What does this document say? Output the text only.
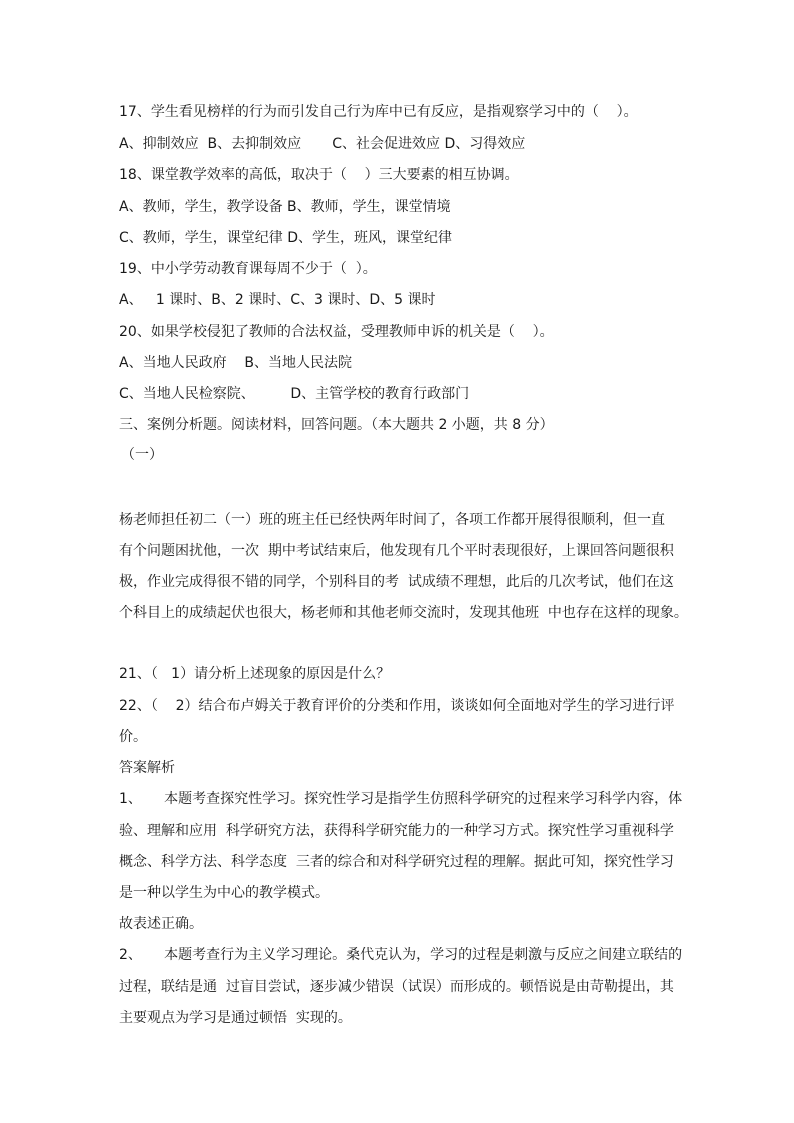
17、学生看见榜样的行为而引发自己行为库中已有反应，是指观察学习中的（    ）。
A、抑制效应  B、去抑制效应       C、社会促进效应 D、习得效应
18、课堂教学效率的高低，取决于（    ）三大要素的相互协调。
A、教师，学生，教学设备 B、教师，学生，课堂情境
C、教师，学生，课堂纪律 D、学生，班风，课堂纪律
19、中小学劳动教育课每周不少于（  ）。
A、   1 课时、B、2 课时、C、3 课时、D、5 课时
20、如果学校侵犯了教师的合法权益，受理教师申诉的机关是（    ）。
A、当地人民政府    B、当地人民法院
C、当地人民检察院、        D、主管学校的教育行政部门
三、案例分析题。阅读材料，回答问题。（本大题共 2 小题，共 8 分）
（一）
杨老师担任初二（一）班的班主任已经快两年时间了，各项工作都开展得很顺利，但一直
有个问题困扰他，一次  期中考试结束后，他发现有几个平时表现很好，上课回答问题很积
极，作业完成得很不错的同学，个别科目的考  试成绩不理想，此后的几次考试，他们在这
个科目上的成绩起伏也很大，杨老师和其他老师交流时，发现其他班  中也存在这样的现象。
21、（   1）请分析上述现象的原因是什么？
22、（    2）结合布卢姆关于教育评价的分类和作用，谈谈如何全面地对学生的学习进行评
价。
答案解析
1、     本题考查探究性学习。探究性学习是指学生仿照科学研究的过程来学习科学内容，体
验、理解和应用  科学研究方法，获得科学研究能力的一种学习方式。探究性学习重视科学
概念、科学方法、科学态度  三者的综合和对科学研究过程的理解。据此可知，探究性学习
是一种以学生为中心的教学模式。
故表述正确。
2、     本题考查行为主义学习理论。桑代克认为，学习的过程是刺激与反应之间建立联结的
过程，联结是通  过盲目尝试，逐步减少错误（试误）而形成的。顿悟说是由苛勒提出，其
主要观点为学习是通过顿悟  实现的。
